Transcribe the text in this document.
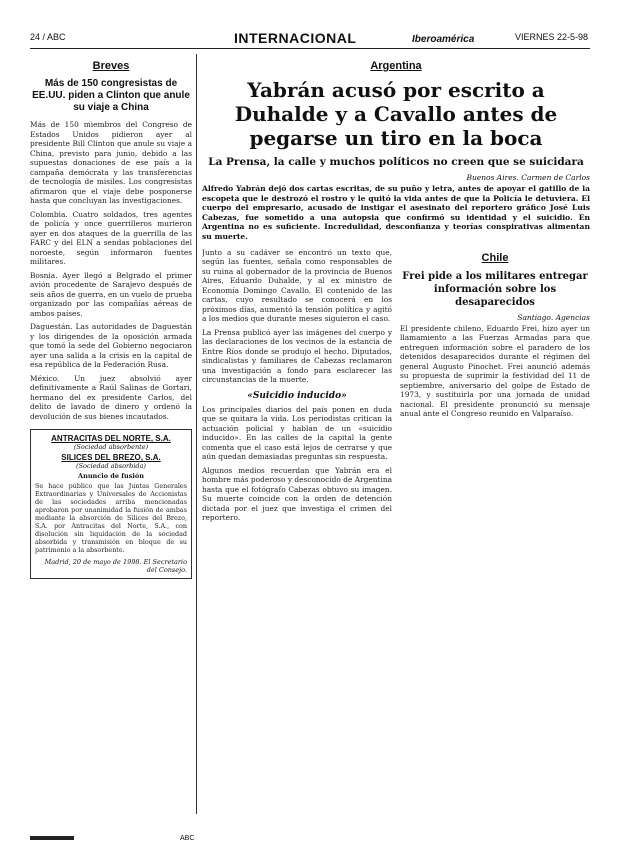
24 / ABC	INTERNACIONAL	Iberoamérica	VIERNES 22-5-98
Breves
Más de 150 congresistas de EE.UU. piden a Clinton que anule su viaje a China

Más de 150 miembros del Congreso de Estados Unidos pidieron ayer al presidente Bill Clinton que anule su viaje a China, previsto para junio, debido a las supuestas donaciones de ese país a la campaña demócrata y las transferencias de tecnología de misiles. Los congresistas afirmaron que el viaje debe posponerse hasta que concluyan las investigaciones.

Colombia. Cuatro soldados, tres agentes de policía y once guerrilleros murieron ayer en dos ataques de la guerrilla de las FARC y del ELN a sendas poblaciones del noroeste, según informaron fuentes militares.

Bosnia. Ayer llegó a Belgrado el primer avión procedente de Sarajevo después de seis años de guerra, en un vuelo de prueba organizado por las compañías aéreas de ambos países.

Daguestán. Las autoridades de Daguestán y los dirigendes de la oposición armada que tomó la sede del Gobierno negociaron ayer una salida a la crisis en la capital de esa república de la Federación Rusa.

México. Un juez absolvió ayer definitivamente a Raúl Salinas de Gortari, hermano del ex presidente Carlos, del delito de lavado de dinero y ordenó la devolución de sus bienes incautados.

ANTRACITAS DEL NORTE, S.A.
(Sociedad absorbente)
SILICES DEL BREZO, S.A.
(Sociedad absorbida)
Anuncio de fusión

Se hace público que las Juntas Generales Extraordinarias y Universales de Accionistas de las sociedades arriba mencionadas aprobaron por unanimidad la fusión de ambas mediante la absorción de Silices del Brezo, S.A. por Antracitas del Norte, S.A., con disolución sin liquidación de la sociedad absorbida y transmisión en bloque de su patrimonio a la absorbente.

Madrid, 20 de mayo de 1998. El Secretario del Consejo.
Argentina
Yabrán acusó por escrito a Duhalde y a Cavallo antes de pegarse un tiro en la boca
La Prensa, la calle y muchos políticos no creen que se suicidara
Buenos Aires. Carmen de Carlos

Alfredo Yabrán dejó dos cartas escritas, de su puño y letra, antes de apoyar el gatillo de la escopeta que le destrozó el rostro y le quitó la vida antes de que la Policía le detuviera. El cuerpo del empresario, acusado de instigar el asesinato del reportero gráfico José Luis Cabezas, fue sometido a una autopsia que confirmó su identidad y el suicidio. En Argentina no es suficiente. Incredulidad, desconfianza y teorías conspirativas alimentan su muerte.

Junto a su cadáver se encontró un texto que, según las fuentes, señala como responsables de su ruina al gobernador de la provincia de Buenos Aires, Eduardo Duhalde, y al ex ministro de Economía Domingo Cavallo. El contenido de las cartas, cuyo resultado se conocerá en los próximos días, aumentó la tensión política y agitó a los medios que durante meses siguieron el caso.

La Prensa publicó ayer las imágenes del cuerpo y las declaraciones de los vecinos de la estancia de Entre Ríos donde se produjo el hecho. Diputados, sindicalistas y familiares de Cabezas reclamaron una investigación a fondo para esclarecer las circunstancias de la muerte.

«Suicidio inducido»

Los principales diarios del país ponen en duda que se quitara la vida. Los periodistas critican la actuación policial y hablan de un «suicidio inducido». En las calles de la capital la gente comenta que el caso está lejos de cerrarse y que aún quedan demasiadas preguntas sin respuesta.

Algunos medios recuerdan que Yabrán era el hombre más poderoso y desconocido de Argentina hasta que el fotógrafo Cabezas obtuvo su imagen. Su muerte coincide con la orden de detención dictada por el juez que investiga el crimen del reportero.

Chile
Frei pide a los militares entregar información sobre los desaparecidos
Santiago. Agencias

El presidente chileno, Eduardo Frei, hizo ayer un llamamiento a las Fuerzas Armadas para que entreguen información sobre el paradero de los detenidos desaparecidos durante el régimen del general Augusto Pinochet. Frei anunció además su propuesta de suprimir la festividad del 11 de septiembre, aniversario del golpe de Estado de 1973, y sustituirla por una jornada de unidad nacional. El presidente pronunció su mensaje anual ante el Congreso reunido en Valparaíso.

ABC
